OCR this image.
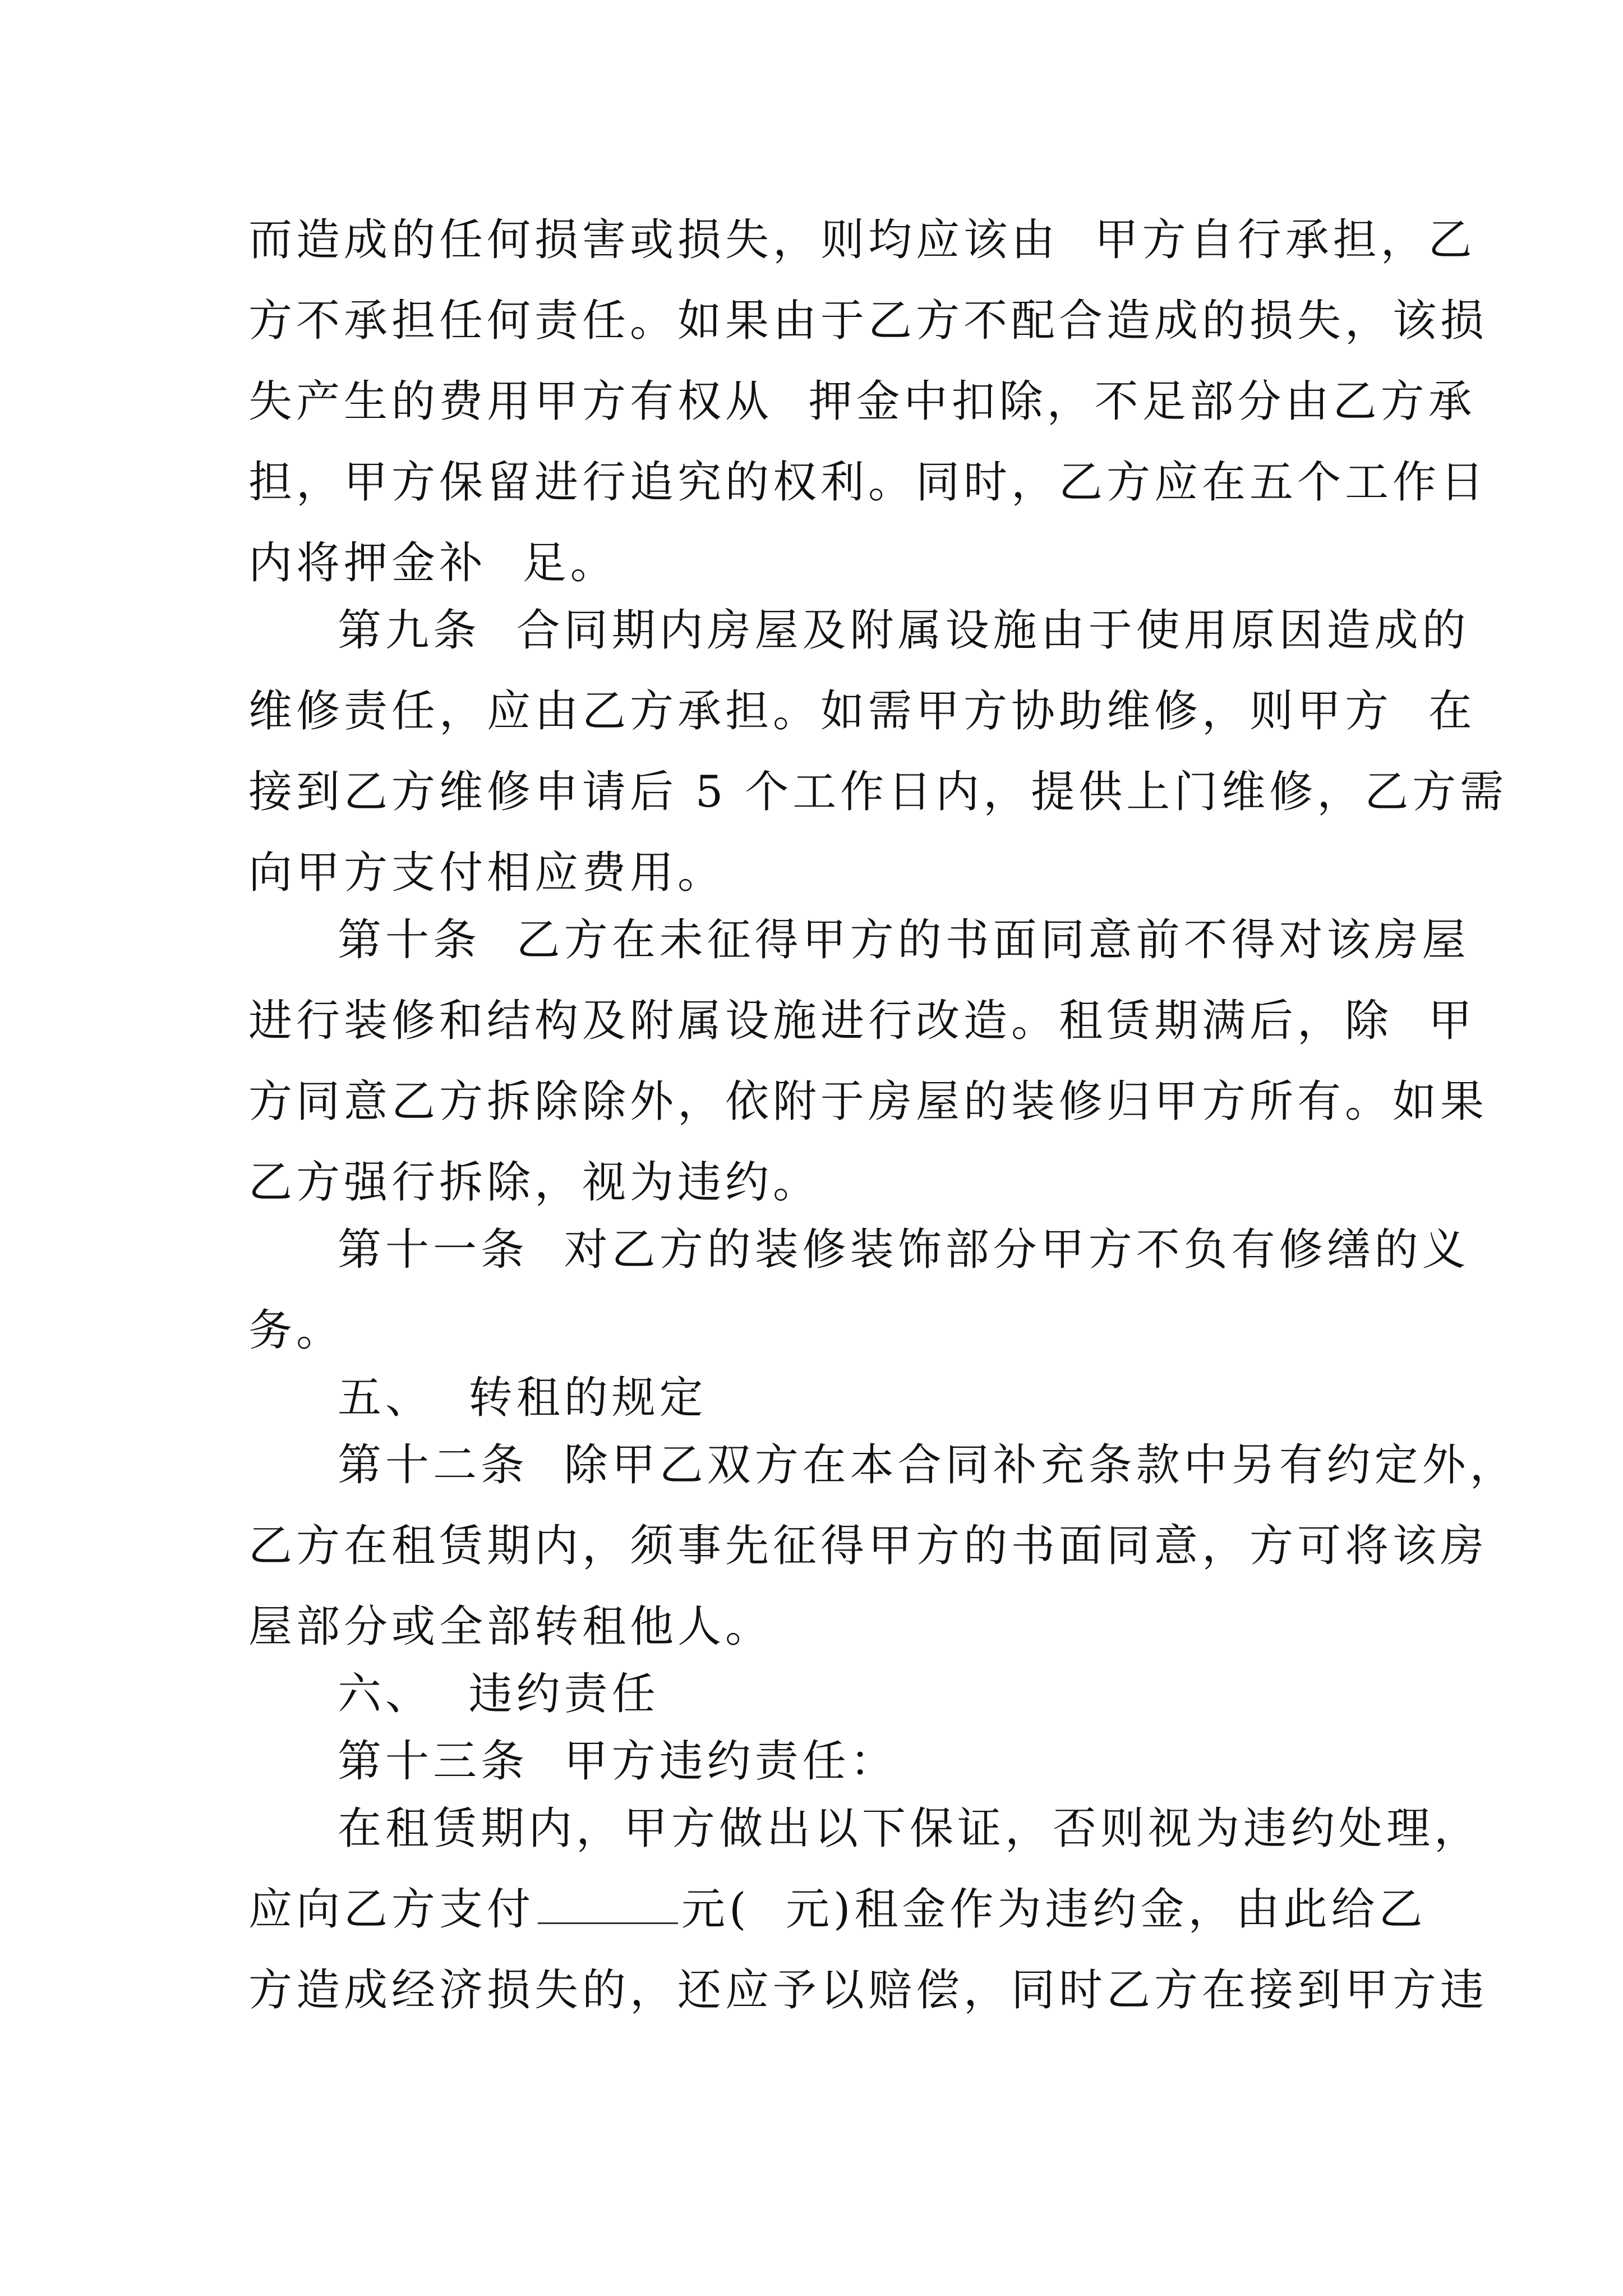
而造成的任何损害或损失，则均应该由  甲方自行承担，乙
方不承担任何责任。如果由于乙方不配合造成的损失，该损
失产生的费用甲方有权从  押金中扣除，不足部分由乙方承
担，甲方保留进行追究的权利。同时，乙方应在五个工作日
内将押金补  足。
第九条  合同期内房屋及附属设施由于使用原因造成的
维修责任，应由乙方承担。如需甲方协助维修，则甲方  在
接到乙方维修申请后 5 个工作日内，提供上门维修，乙方需
向甲方支付相应费用。
第十条  乙方在未征得甲方的书面同意前不得对该房屋
进行装修和结构及附属设施进行改造。租赁期满后，除  甲
方同意乙方拆除除外，依附于房屋的装修归甲方所有。如果
乙方强行拆除，视为违约。
第十一条  对乙方的装修装饰部分甲方不负有修缮的义
务。
五、  转租的规定
第十二条  除甲乙双方在本合同补充条款中另有约定外，
乙方在租赁期内，须事先征得甲方的书面同意，方可将该房
屋部分或全部转租他人。
六、  违约责任
第十三条  甲方违约责任：
在租赁期内，甲方做出以下保证，否则视为违约处理，
应向乙方支付	元(  元)租金作为违约金，由此给乙
方造成经济损失的，还应予以赔偿，同时乙方在接到甲方违
